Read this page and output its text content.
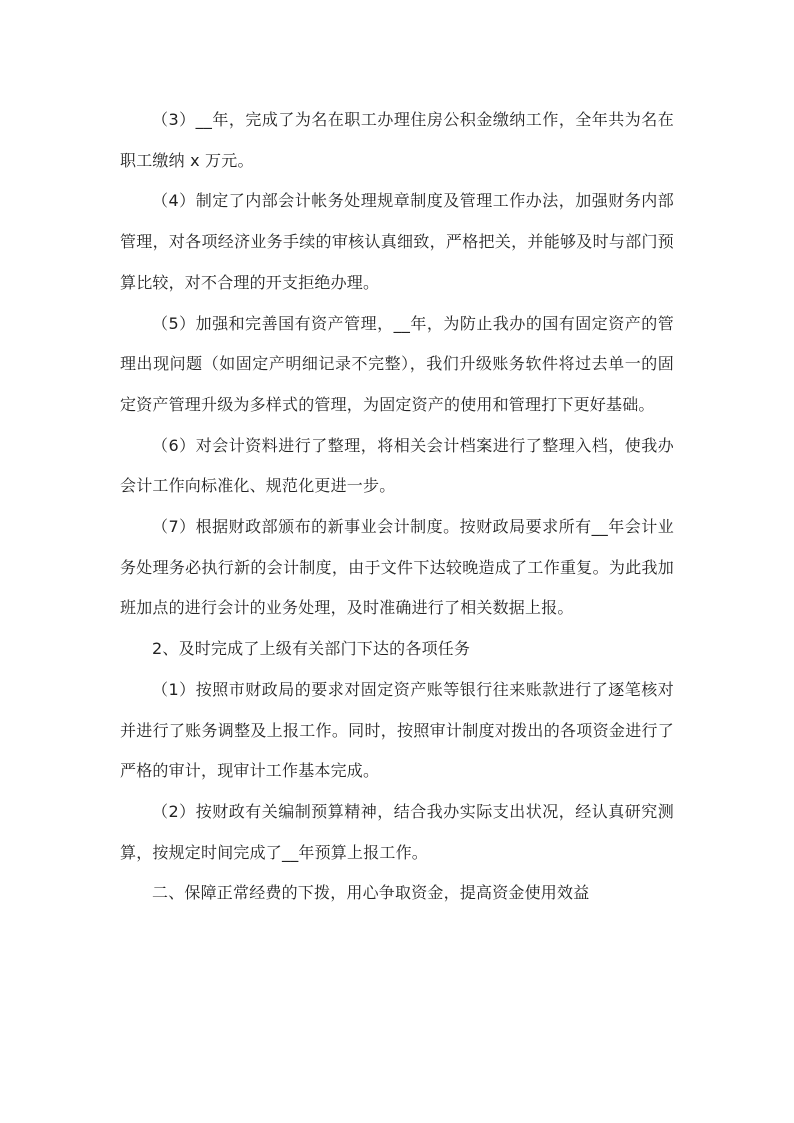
（3）__年，完成了为名在职工办理住房公积金缴纳工作，全年共为名在职工缴纳 x 万元。

（4）制定了内部会计帐务处理规章制度及管理工作办法，加强财务内部管理，对各项经济业务手续的审核认真细致，严格把关，并能够及时与部门预算比较，对不合理的开支拒绝办理。

（5）加强和完善国有资产管理，__年，为防止我办的国有固定资产的管理出现问题（如固定产明细记录不完整），我们升级账务软件将过去单一的固定资产管理升级为多样式的管理，为固定资产的使用和管理打下更好基础。

（6）对会计资料进行了整理，将相关会计档案进行了整理入档，使我办会计工作向标准化、规范化更进一步。

（7）根据财政部颁布的新事业会计制度。按财政局要求所有__年会计业务处理务必执行新的会计制度，由于文件下达较晚造成了工作重复。为此我加班加点的进行会计的业务处理，及时准确进行了相关数据上报。

2、及时完成了上级有关部门下达的各项任务

（1）按照市财政局的要求对固定资产账等银行往来账款进行了逐笔核对并进行了账务调整及上报工作。同时，按照审计制度对拨出的各项资金进行了严格的审计，现审计工作基本完成。

（2）按财政有关编制预算精神，结合我办实际支出状况，经认真研究测算，按规定时间完成了__年预算上报工作。

二、保障正常经费的下拨，用心争取资金，提高资金使用效益
